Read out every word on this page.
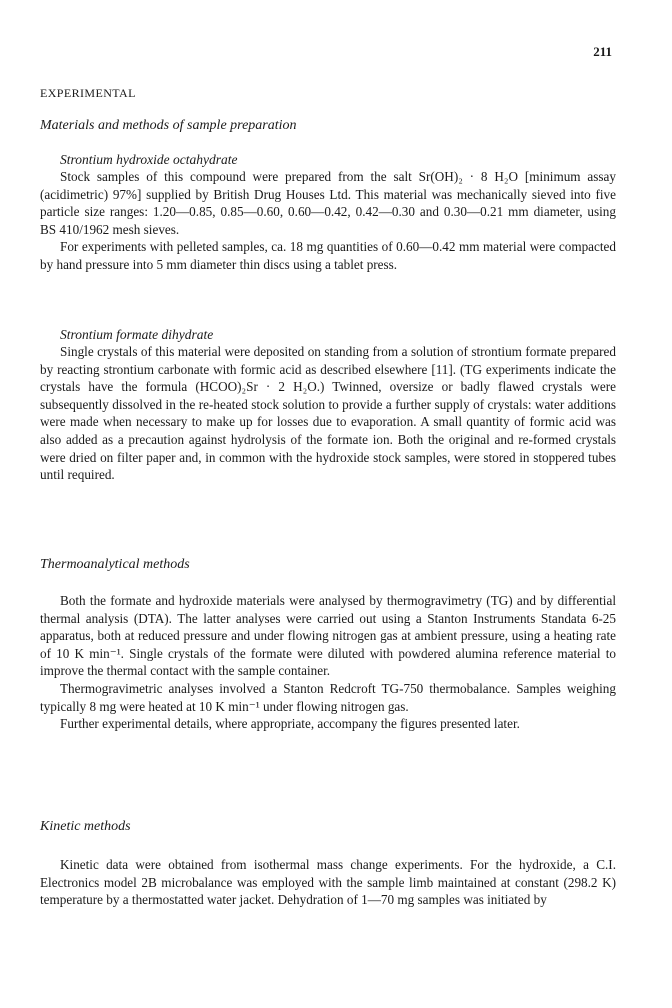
211
EXPERIMENTAL

Materials and methods of sample preparation

Strontium hydroxide octahydrate

Stock samples of this compound were prepared from the salt Sr(OH)₂ · 8 H₂O [minimum assay (acidimetric) 97%] supplied by British Drug Houses Ltd. This material was mechanically sieved into five particle size ranges: 1.20—0.85, 0.85—0.60, 0.60—0.42, 0.42—0.30 and 0.30—0.21 mm diameter, using BS 410/1962 mesh sieves.

For experiments with pelleted samples, ca. 18 mg quantities of 0.60—0.42 mm material were compacted by hand pressure into 5 mm diameter thin discs using a tablet press.

Strontium formate dihydrate

Single crystals of this material were deposited on standing from a solution of strontium formate prepared by reacting strontium carbonate with formic acid as described elsewhere [11]. (TG experiments indicate the crystals have the formula (HCOO)₂Sr · 2 H₂O.) Twinned, oversize or badly flawed crystals were subsequently dissolved in the re-heated stock solution to provide a further supply of crystals: water additions were made when necessary to make up for losses due to evaporation. A small quantity of formic acid was also added as a precaution against hydrolysis of the formate ion. Both the original and re-formed crystals were dried on filter paper and, in common with the hydroxide stock samples, were stored in stoppered tubes until required.

Thermoanalytical methods

Both the formate and hydroxide materials were analysed by thermogravimetry (TG) and by differential thermal analysis (DTA). The latter analyses were carried out using a Stanton Instruments Standata 6-25 apparatus, both at reduced pressure and under flowing nitrogen gas at ambient pressure, using a heating rate of 10 K min⁻¹. Single crystals of the formate were diluted with powdered alumina reference material to improve the thermal contact with the sample container.

Thermogravimetric analyses involved a Stanton Redcroft TG-750 thermobalance. Samples weighing typically 8 mg were heated at 10 K min⁻¹ under flowing nitrogen gas.

Further experimental details, where appropriate, accompany the figures presented later.

Kinetic methods

Kinetic data were obtained from isothermal mass change experiments. For the hydroxide, a C.I. Electronics model 2B microbalance was employed with the sample limb maintained at constant (298.2 K) temperature by a thermostatted water jacket. Dehydration of 1—70 mg samples was initiated by
